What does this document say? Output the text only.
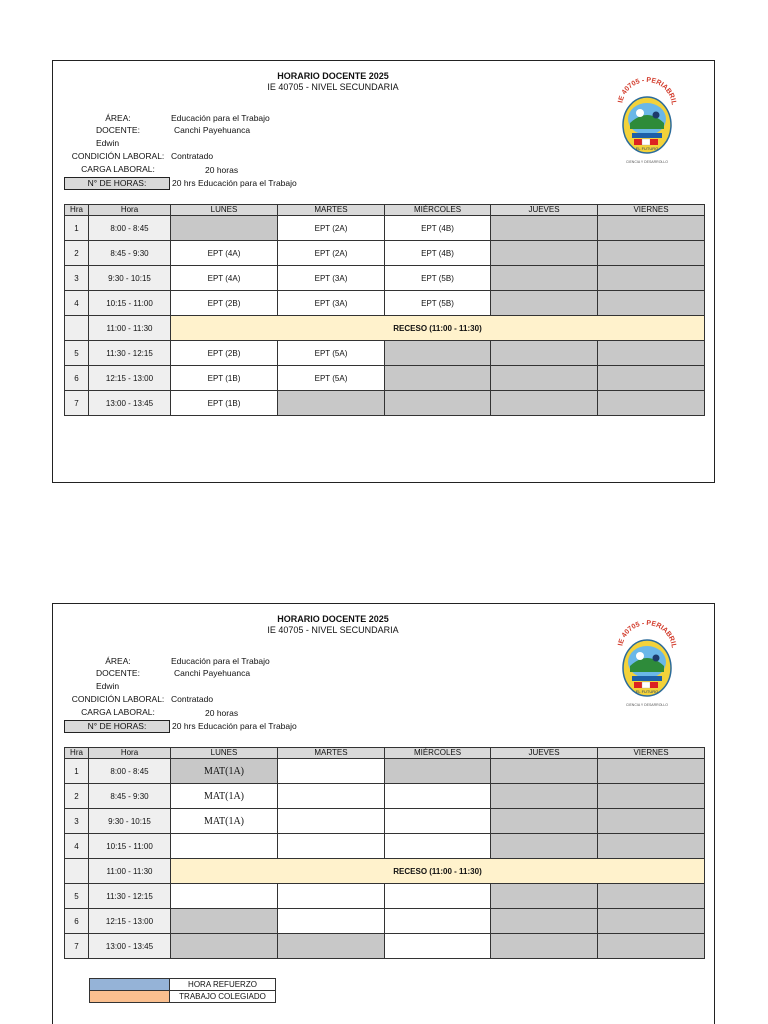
HORARIO DOCENTE 2025
IE 40705 - NIVEL SECUNDARIA
ÁREA:	Educación para el Trabajo
DOCENTE:	Canchi Payehuanca
Edwin
CONDICIÓN LABORAL: Contratado
CARGA LABORAL:	20 horas
N° DE HORAS:	20 hrs Educación para el Trabajo
IE 40705 - PERIABRIL
EL FUTURO
CIENCIA Y DESARROLLO
Hra	Hora	LUNES	MARTES	MIÉRCOLES	JUEVES	VIERNES
1	8:00 - 8:45		EPT (2A)	EPT (4B)		
2	8:45 - 9:30	EPT (4A)	EPT (2A)	EPT (4B)		
3	9:30 - 10:15	EPT (4A)	EPT (3A)	EPT (5B)		
4	10:15 - 11:00	EPT (2B)	EPT (3A)	EPT (5B)		
	11:00 - 11:30	RECESO (11:00 - 11:30)				
5	11:30 - 12:15	EPT (2B)	EPT (5A)			
6	12:15 - 13:00	EPT (1B)	EPT (5A)			
7	13:00 - 13:45	EPT (1B)				
HORARIO DOCENTE 2025
IE 40705 - NIVEL SECUNDARIA
ÁREA:	Educación para el Trabajo
DOCENTE:	Canchi Payehuanca
Edwin
CONDICIÓN LABORAL: Contratado
CARGA LABORAL:	20 horas
N° DE HORAS:	20 hrs Educación para el Trabajo
IE 40705 - PERIABRIL
EL FUTURO
CIENCIA Y DESARROLLO
Hra	Hora	LUNES	MARTES	MIÉRCOLES	JUEVES	VIERNES
1	8:00 - 8:45	MAT(1A)				
2	8:45 - 9:30	MAT(1A)				
3	9:30 - 10:15	MAT(1A)				
4	10:15 - 11:00					
	11:00 - 11:30	RECESO (11:00 - 11:30)				
5	11:30 - 12:15					
6	12:15 - 13:00					
7	13:00 - 13:45					
	HORA REFUERZO
	TRABAJO COLEGIADO
